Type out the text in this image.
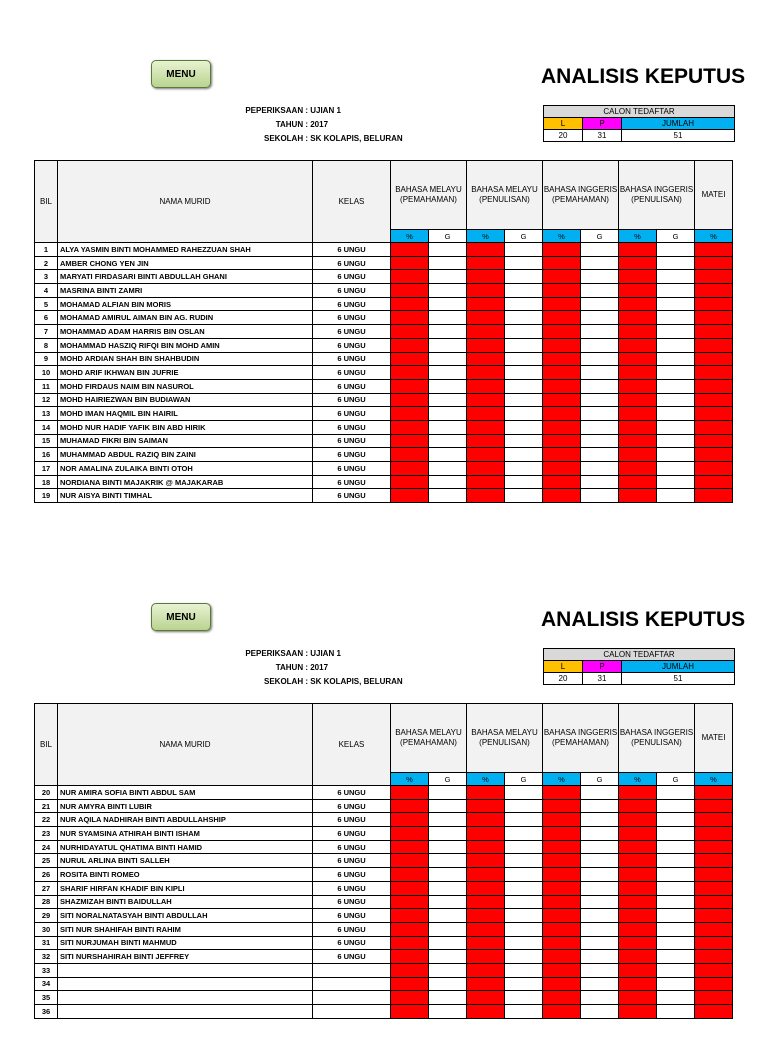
MENU	ANALISIS KEPUTUS
PEPERIKSAAN : UJIAN 1
TAHUN : 2017
SEKOLAH : SK KOLAPIS, BELURAN
CALON TEDAFTAR		
L	P	JUMLAH
20	31	51
BIL	NAMA MURID	KELAS	BAHASA MELAYU (PEMAHAMAN)		BAHASA MELAYU (PENULISAN)		BAHASA INGGERIS (PEMAHAMAN)		BAHASA INGGERIS (PENULISAN)		MATEI
			%	G	%	G	%	G	%	G	%
1	ALYA YASMIN BINTI MOHAMMED RAHEZZUAN SHAH	6 UNGU									
2	AMBER CHONG YEN JIN	6 UNGU									
3	MARYATI FIRDASARI BINTI ABDULLAH GHANI	6 UNGU									
4	MASRINA BINTI ZAMRI	6 UNGU									
5	MOHAMAD ALFIAN BIN MORIS	6 UNGU									
6	MOHAMAD AMIRUL AIMAN BIN AG. RUDIN	6 UNGU									
7	MOHAMMAD ADAM HARRIS BIN OSLAN	6 UNGU									
8	MOHAMMAD HASZIQ RIFQI BIN MOHD AMIN	6 UNGU									
9	MOHD ARDIAN SHAH BIN SHAHBUDIN	6 UNGU									
10	MOHD ARIF IKHWAN BIN JUFRIE	6 UNGU									
11	MOHD FIRDAUS NAIM BIN NASUROL	6 UNGU									
12	MOHD HAIRIEZWAN BIN BUDIAWAN	6 UNGU									
13	MOHD IMAN HAQMIL BIN HAIRIL	6 UNGU									
14	MOHD NUR HADIF YAFIK BIN ABD HIRIK	6 UNGU									
15	MUHAMAD FIKRI BIN SAIMAN	6 UNGU									
16	MUHAMMAD ABDUL RAZIQ BIN ZAINI	6 UNGU									
17	NOR AMALINA ZULAIKA BINTI OTOH	6 UNGU									
18	NORDIANA BINTI MAJAKRIK @ MAJAKARAB	6 UNGU									
19	NUR AISYA BINTI TIMHAL	6 UNGU									
MENU	ANALISIS KEPUTUS
PEPERIKSAAN : UJIAN 1
TAHUN : 2017
SEKOLAH : SK KOLAPIS, BELURAN
CALON TEDAFTAR		
L	P	JUMLAH
20	31	51
BIL	NAMA MURID	KELAS	BAHASA MELAYU (PEMAHAMAN)		BAHASA MELAYU (PENULISAN)		BAHASA INGGERIS (PEMAHAMAN)		BAHASA INGGERIS (PENULISAN)		MATEI
			%	G	%	G	%	G	%	G	%
20	NUR AMIRA SOFIA BINTI ABDUL SAM	6 UNGU									
21	NUR AMYRA BINTI LUBIR	6 UNGU									
22	NUR AQILA NADHIRAH BINTI ABDULLAHSHIP	6 UNGU									
23	NUR SYAMSINA ATHIRAH BINTI ISHAM	6 UNGU									
24	NURHIDAYATUL QHATIMA BINTI HAMID	6 UNGU									
25	NURUL ARLINA BINTI SALLEH	6 UNGU									
26	ROSITA BINTI ROMEO	6 UNGU									
27	SHARIF HIRFAN KHADIF BIN KIPLI	6 UNGU									
28	SHAZMIZAH BINTI BAIDULLAH	6 UNGU									
29	SITI NORALNATASYAH BINTI ABDULLAH	6 UNGU									
30	SITI NUR SHAHIFAH BINTI RAHIM	6 UNGU									
31	SITI NURJUMAH BINTI MAHMUD	6 UNGU									
32	SITI NURSHAHIRAH BINTI JEFFREY	6 UNGU									
33											
34											
35											
36											
